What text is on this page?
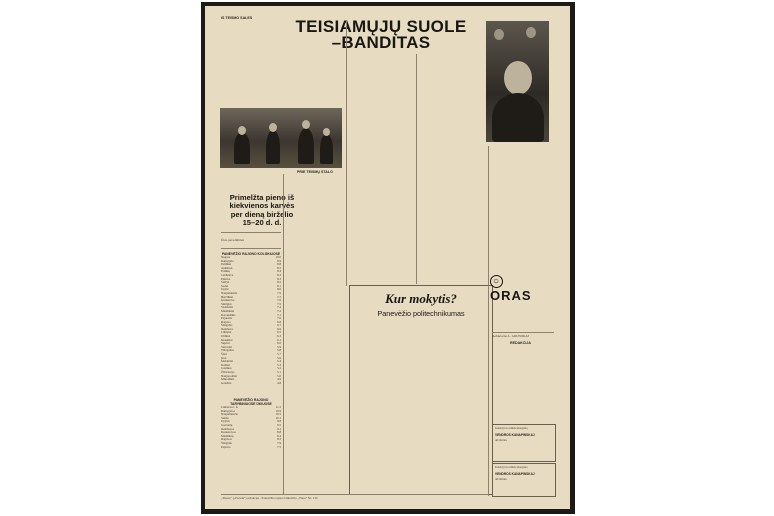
IS TEISMO SALES	TEISIAMŲJŲ SUOLE
–BANDITAS
PRIE TEISMŲ STALO
Primelžta pieno iš
kiekvienos karvės
per dieną birželio
15–20 d. d.
Ūkio pavadinimas
PANEVĖŽIO RAJONO KOLŪKIUOSE
Nugara	10.0
Ramygala	8.9
Paliūnai	8.8
Aukštuol.	8.5
Eriškių	8.4
Labūnava	8.3
Piniava	8.3
Velžys	8.2
Sodai	8.1
Upytė	8.0
Naujamiestis	7.9
Berčiūnai	7.7
Krekenava	7.6
Smilgiai	7.5
Vadokliai	7.4
Miežiškiai	7.2
Karsakiškis	7.1
Pajuostis	7.0
Raguva	6.8
Šilagalys	6.7
Dembava	6.6
Liūdynė	6.5
Uliūnai	6.3
Kiaukliai	6.1
Sujetai	6.0
Vaivadai	5.9
Tiltagaliai	5.8
Šilai	5.7
Įstrė	5.6
Molainiai	5.4
Kaišiai	5.3
Jotainiai	5.2
Žibartonys	5.1
Naujarodžiai	5.0
Mikoliškis	4.9
Geležiai	4.8
PANEVĖŽIO RAJONO TARYBINIUOSE ŪKIUOSE
Linkuvos t. ū.	11.2
Ramygalos	10.9
Naujamiesčio	10.5
Velžio	10.1
Upytės	9.8
Gustonių	9.5
Dembavos	9.1
Krekenavos	8.8
Miežiškių	8.4
Raguvos	8.2
Šilagalio	7.9
Paįstrio	7.5
Kur mokytis?
Panevėžio politechnikumas
○ORAS
Redaktorius L. GRUNOKAS
REDAKCIJA
Kolektyvas reiškia užuojautą
VENDROS KANAPINSKAJ
dėl mirties
Kolektyvas reiškia užuojautą
VENDROS KANAPINSKAJ
dėl mirties
„Tiesos" („Pravda") redakcija - Panevėžio rajono laikraščio „Tiesa" Nr. 130
